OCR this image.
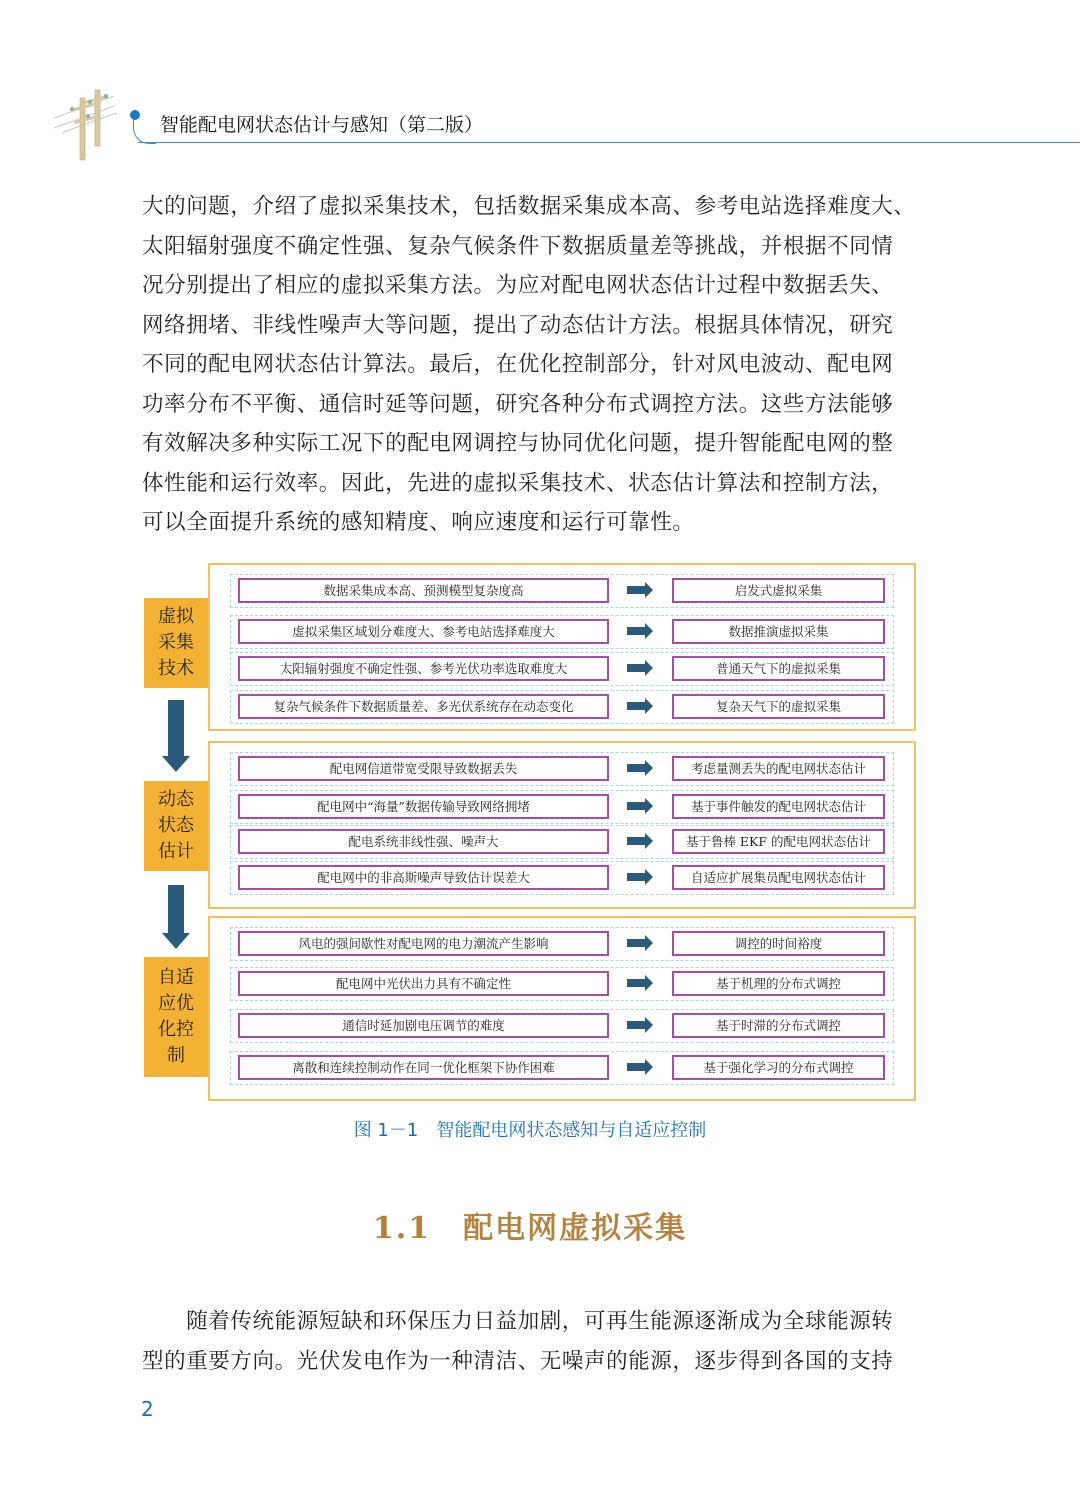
智能配电网状态估计与感知（第二版）
大的问题，介绍了虚拟采集技术，包括数据采集成本高、参考电站选择难度大、
太阳辐射强度不确定性强、复杂气候条件下数据质量差等挑战，并根据不同情
况分别提出了相应的虚拟采集方法。为应对配电网状态估计过程中数据丢失、
网络拥堵、非线性噪声大等问题，提出了动态估计方法。根据具体情况，研究
不同的配电网状态估计算法。最后，在优化控制部分，针对风电波动、配电网
功率分布不平衡、通信时延等问题，研究各种分布式调控方法。这些方法能够
有效解决多种实际工况下的配电网调控与协同优化问题，提升智能配电网的整
体性能和运行效率。因此，先进的虚拟采集技术、状态估计算法和控制方法，
可以全面提升系统的感知精度、响应速度和运行可靠性。
虚拟采集技术
数据采集成本高、预测模型复杂度高	启发式虚拟采集
虚拟采集区域划分难度大、参考电站选择难度大	数据推演虚拟采集
太阳辐射强度不确定性强、参考光伏功率选取难度大	普通天气下的虚拟采集
复杂气候条件下数据质量差、多光伏系统存在动态变化	复杂天气下的虚拟采集
动态状态估计
配电网信道带宽受限导致数据丢失	考虑量测丢失的配电网状态估计
配电网中“海量”数据传输导致网络拥堵	基于事件触发的配电网状态估计
配电系统非线性强、噪声大	基于鲁棒 EKF 的配电网状态估计
配电网中的非高斯噪声导致估计误差大	自适应扩展集员配电网状态估计
自适应优化控制
风电的强间歇性对配电网的电力潮流产生影响	调控的时间裕度
配电网中光伏出力具有不确定性	基于机理的分布式调控
通信时延加剧电压调节的难度	基于时滞的分布式调控
离散和连续控制动作在同一优化框架下协作困难	基于强化学习的分布式调控
图 1－1　智能配电网状态感知与自适应控制
1.1　配电网虚拟采集
　　随着传统能源短缺和环保压力日益加剧，可再生能源逐渐成为全球能源转
型的重要方向。光伏发电作为一种清洁、无噪声的能源，逐步得到各国的支持
2
